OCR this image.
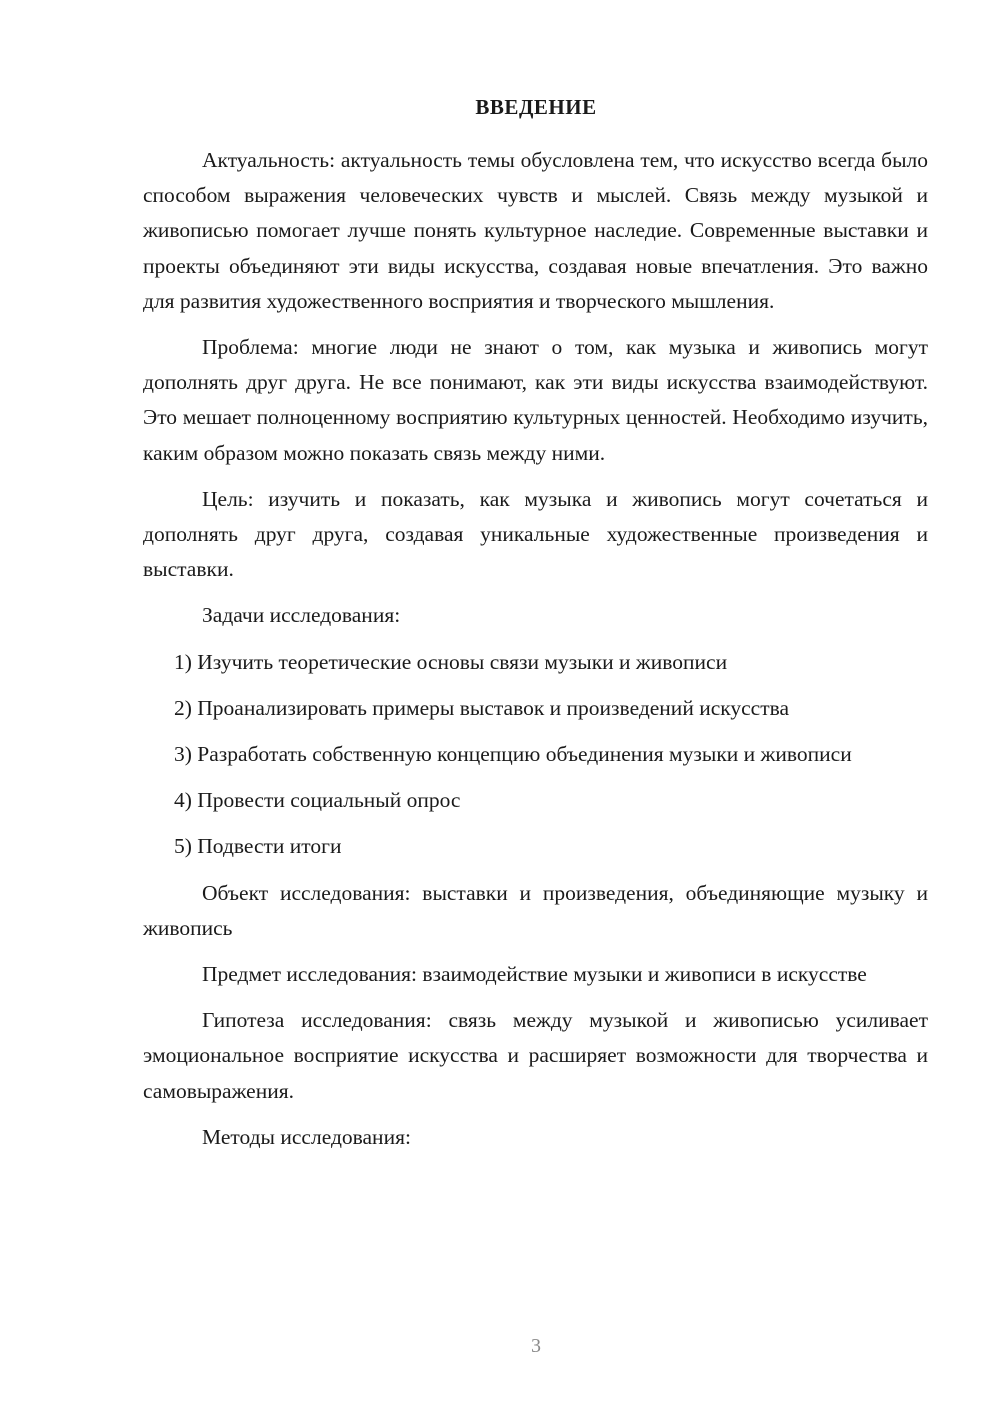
ВВЕДЕНИЕ

Актуальность: актуальность темы обусловлена тем, что искусство всегда было способом выражения человеческих чувств и мыслей. Связь между музыкой и живописью помогает лучше понять культурное наследие. Современные выставки и проекты объединяют эти виды искусства, создавая новые впечатления. Это важно для развития художественного восприятия и творческого мышления.

Проблема: многие люди не знают о том, как музыка и живопись могут дополнять друг друга. Не все понимают, как эти виды искусства взаимодействуют. Это мешает полноценному восприятию культурных ценностей. Необходимо изучить, каким образом можно показать связь между ними.

Цель: изучить и показать, как музыка и живопись могут сочетаться и дополнять друг друга, создавая уникальные художественные произведения и выставки.

Задачи исследования:

1) Изучить теоретические основы связи музыки и живописи

2) Проанализировать примеры выставок и произведений искусства

3) Разработать собственную концепцию объединения музыки и живописи

4) Провести социальный опрос

5) Подвести итоги

Объект исследования: выставки и произведения, объединяющие музыку и живопись

Предмет исследования: взаимодействие музыки и живописи в искусстве

Гипотеза исследования: связь между музыкой и живописью усиливает эмоциональное восприятие искусства и расширяет возможности для творчества и самовыражения.

Методы исследования:

3
